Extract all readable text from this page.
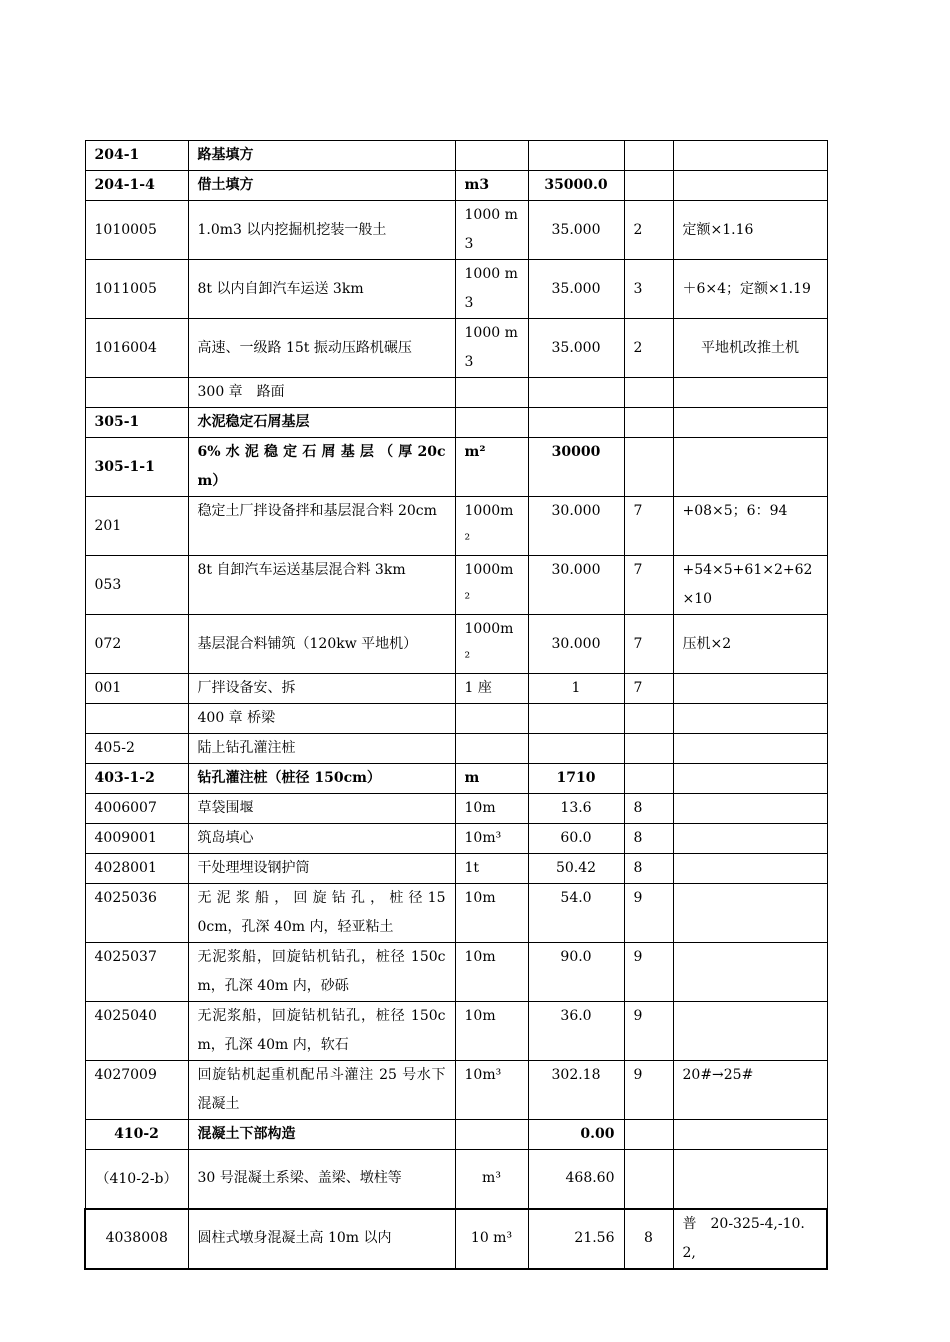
204-1	路基填方				
204-1-4	借土填方	m3	35000.0		
1010005	1.0m3 以内挖掘机挖装一般土	1000 m3	35.000	2	定额×1.16
1011005	8t 以内自卸汽车运送 3km	1000 m3	35.000	3	＋6×4；定额×1.19
1016004	高速、一级路 15t 振动压路机碾压	1000 m3	35.000	2	平地机改推土机
	300 章　路面				
305-1	水泥稳定石屑基层				
305-1-1	6% 水 泥 稳 定 石 屑 基 层 （ 厚 20cm）	m²	30000		
201	稳定土厂拌设备拌和基层混合料 20cm	1000m²	30.000	7	+08×5；6：94
053	8t 自卸汽车运送基层混合料 3km	1000m²	30.000	7	+54×5+61×2+62×10
072	基层混合料铺筑（120kw 平地机）	1000m²	30.000	7	压机×2
001	厂拌设备安、拆	1 座	1	7	
	400 章 桥梁				
405-2	陆上钻孔灌注桩				
403-1-2	钻孔灌注桩（桩径 150cm）	m	1710		
4006007	草袋围堰	10m	13.6	8	
4009001	筑岛填心	10m³	60.0	8	
4028001	干处理埋设钢护筒	1t	50.42	8	
4025036	无 泥 浆 船 ， 回 旋 钻 孔 ， 桩 径 150cm，孔深 40m 内，轻亚粘土	10m	54.0	9	
4025037	无泥浆船，回旋钻机钻孔，桩径 150cm，孔深 40m 内，砂砾	10m	90.0	9	
4025040	无泥浆船，回旋钻机钻孔，桩径 150cm，孔深 40m 内，软石	10m	36.0	9	
4027009	回旋钻机起重机配吊斗灌注 25 号水下混凝土	10m³	302.18	9	20#→25#
410-2	混凝土下部构造		0.00		
（410-2-b）	30 号混凝土系梁、盖梁、墩柱等	m³	468.60		
4038008	圆柱式墩身混凝土高 10m 以内	10 m³	21.56	8	普　20-325-4,-10.2,
